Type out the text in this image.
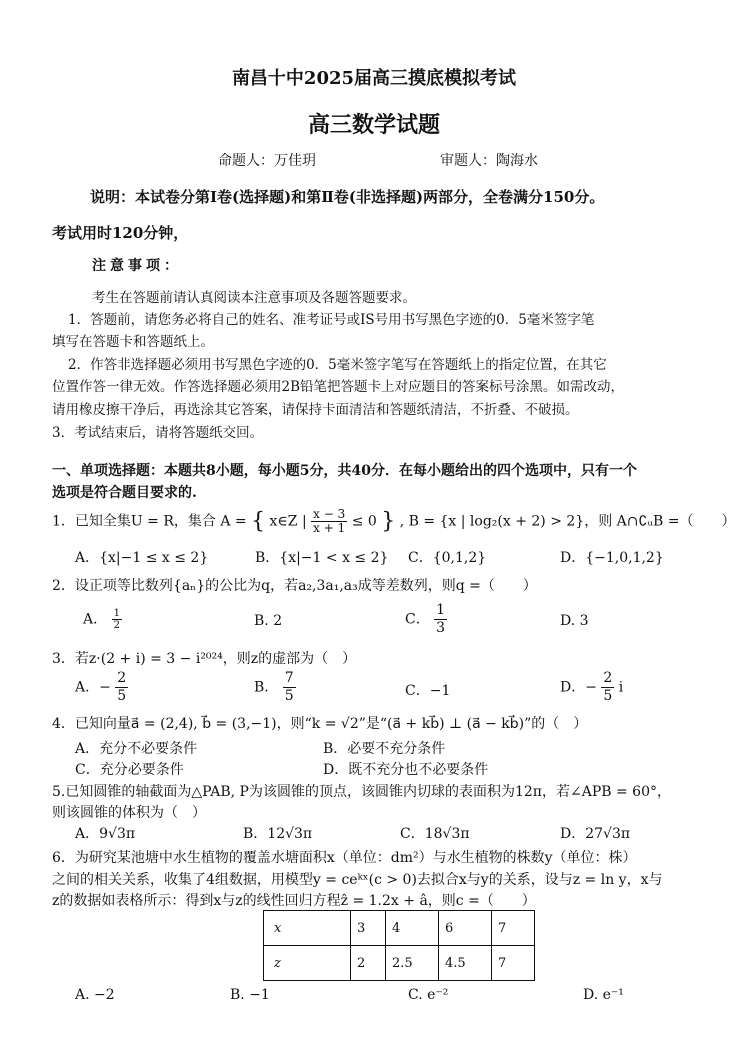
南昌十中2025届高三摸底模拟考试
高三数学试题
命题人：万佳玥	审题人：陶海水
说明：本试卷分第Ⅰ卷(选择题)和第Ⅱ卷(非选择题)两部分，全卷满分150分。
考试用时120分钟，
注意事项：
考生在答题前请认真阅读本注意事项及各题答题要求。
1．答题前，请您务必将自己的姓名、准考证号或IS号用书写黑色字迹的0．5毫米签字笔
填写在答题卡和答题纸上。
2．作答非选择题必须用书写黑色字迹的0．5毫米签字笔写在答题纸上的指定位置，在其它
位置作答一律无效。作答选择题必须用2B铅笔把答题卡上对应题目的答案标号涂黑。如需改动，
请用橡皮擦干净后，再选涂其它答案，请保持卡面清洁和答题纸清洁，不折叠、不破损。
3．考试结束后，请将答题纸交回。
一、单项选择题：本题共8小题，每小题5分，共40分．在每小题给出的四个选项中，只有一个
选项是符合题目要求的.
1．已知全集U = R，集合 A = { x∈Z | $\frac{x - 3}{x + 1} \le 0$ } , B = {x | log₂(x + 2) > 2}，则 A∩∁ᵤB =（　　）
A．{x|−1 ≤ x ≤ 2}	B．{x|−1 < x ≤ 2} C．{0,1,2}	D．{−1,0,1,2}
2．设正项等比数列{aₙ}的公比为q，若a₂,3a₁,a₃成等差数列，则q =（　　）
A． $\frac{1}{2}$	B. 2	C． $\frac{1}{3}$	D. 3
3．若z·(2 + i) = 3 − i²⁰²⁴，则z的虚部为（　）
A．− $\frac{2}{5}$	B． $\frac{7}{5}$	C．−1	D．− $\frac{2}{5}$ i
4．已知向量a⃗ = (2,4), b⃗ = (3,−1)，则“k = √2”是“(a⃗ + kb⃗) ⊥ (a⃗ − kb⃗)”的（　）
A．充分不必要条件	B．必要不充分条件
C．充分必要条件	D．既不充分也不必要条件
5.已知圆锥的轴截面为△PAB, P为该圆锥的顶点，该圆锥内切球的表面积为12π，若∠APB = 60°，
则该圆锥的体积为（　）
A．9√3π	B．12√3π	C．18√3π	D．27√3π
6．为研究某池塘中水生植物的覆盖水塘面积x（单位：dm²）与水生植物的株数y（单位：株）
之间的相关关系，收集了4组数据，用模型y = ceᵏˣ(c > 0)去拟合x与y的关系，设与z = ln y，x与
z的数据如表格所示：得到x与z的线性回归方程ẑ = 1.2x + â，则c =（　　）
x	3	4	6	7
z	2	2.5	4.5	7
A. −2	B. −1	C. e⁻²	D. e⁻¹
